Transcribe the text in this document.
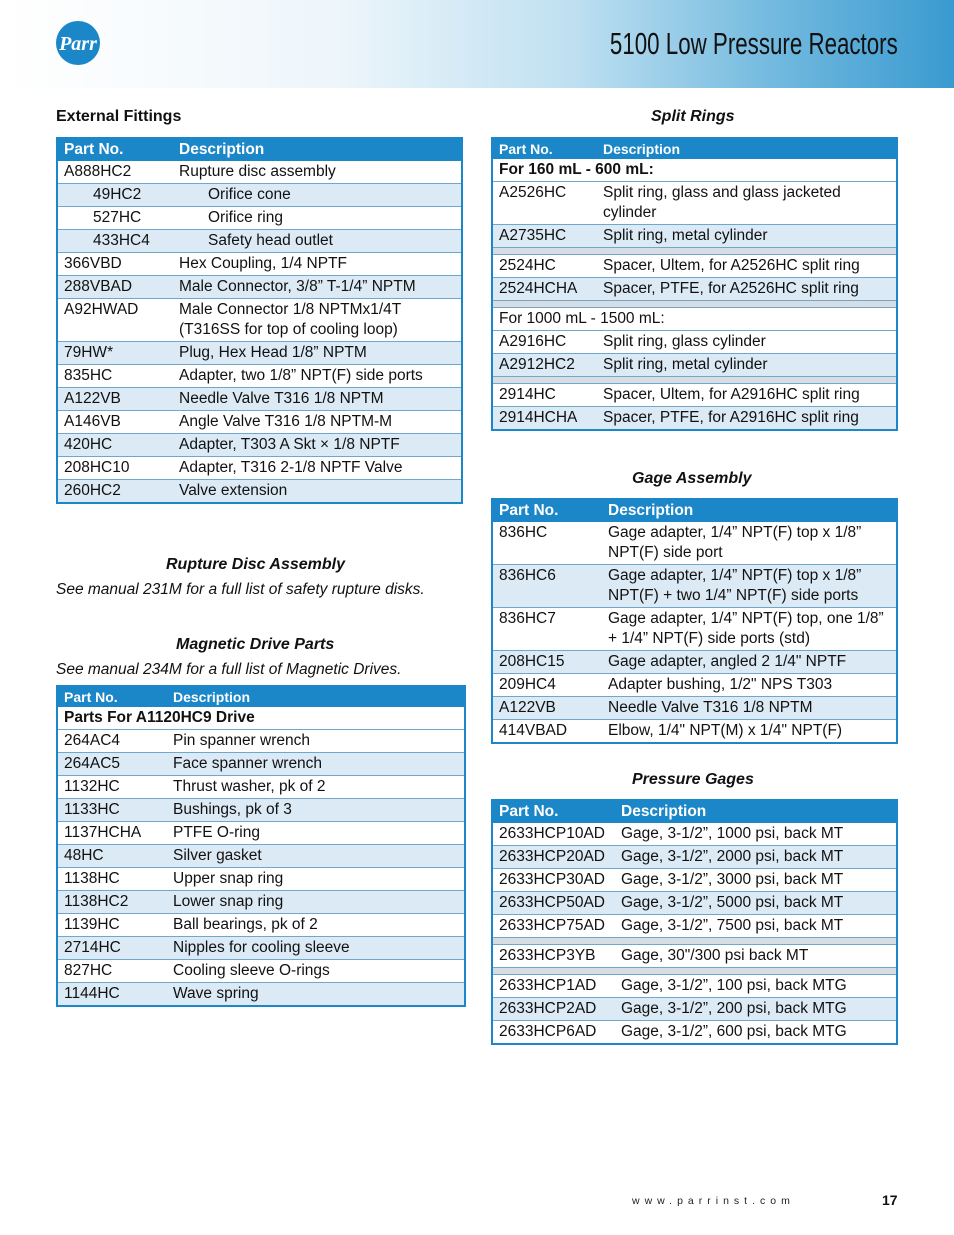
Parr	5100 Low Pressure Reactors
External Fittings
Part No.	Description
A888HC2	Rupture disc assembly
49HC2	Orifice cone
527HC	Orifice ring
433HC4	Safety head outlet
366VBD	Hex Coupling, 1/4 NPTF
288VBAD	Male Connector, 3/8” T-1/4” NPTM
A92HWAD	Male Connector 1/8 NPTMx1/4T (T316SS for top of cooling loop)
79HW*	Plug, Hex Head 1/8” NPTM
835HC	Adapter, two 1/8” NPT(F) side ports
A122VB	Needle Valve T316 1/8 NPTM
A146VB	Angle Valve T316 1/8 NPTM-M
420HC	Adapter, T303 A Skt × 1/8 NPTF
208HC10	Adapter, T316 2-1/8 NPTF Valve
260HC2	Valve extension
Rupture Disc Assembly
See manual 231M for a full list of safety rupture disks.
Magnetic Drive Parts
See manual 234M for a full list of Magnetic Drives.
Part No.	Description
Parts For A1120HC9 Drive	
264AC4	Pin spanner wrench
264AC5	Face spanner wrench
1132HC	Thrust washer, pk of 2
1133HC	Bushings, pk of 3
1137HCHA	PTFE O-ring
48HC	Silver gasket
1138HC	Upper snap ring
1138HC2	Lower snap ring
1139HC	Ball bearings, pk of 2
2714HC	Nipples for cooling sleeve
827HC	Cooling sleeve O-rings
1144HC	Wave spring
Split Rings
Part No.	Description
For 160 mL - 600 mL:	
A2526HC	Split ring, glass and glass jacketed cylinder
A2735HC	Split ring, metal cylinder

2524HC	Spacer, Ultem, for A2526HC split ring
2524HCHA	Spacer, PTFE, for A2526HC split ring

For 1000 mL - 1500 mL:	
A2916HC	Split ring, glass cylinder
A2912HC2	Split ring, metal cylinder

2914HC	Spacer, Ultem, for A2916HC split ring
2914HCHA	Spacer, PTFE, for A2916HC split ring
Gage Assembly
Part No.	Description
836HC	Gage adapter, 1/4” NPT(F) top x 1/8” NPT(F) side port
836HC6	Gage adapter, 1/4” NPT(F) top x 1/8” NPT(F) + two 1/4” NPT(F) side ports
836HC7	Gage adapter, 1/4” NPT(F) top, one 1/8” + 1/4” NPT(F) side ports (std)
208HC15	Gage adapter, angled 2 1/4" NPTF
209HC4	Adapter bushing, 1/2" NPS T303
A122VB	Needle Valve T316 1/8 NPTM
414VBAD	Elbow, 1/4" NPT(M) x 1/4" NPT(F)
Pressure Gages
Part No.	Description
2633HCP10AD	Gage, 3-1/2”, 1000 psi, back MT
2633HCP20AD	Gage, 3-1/2”, 2000 psi, back MT
2633HCP30AD	Gage, 3-1/2”, 3000 psi, back MT
2633HCP50AD	Gage, 3-1/2”, 5000 psi, back MT
2633HCP75AD	Gage, 3-1/2”, 7500 psi, back MT

2633HCP3YB	Gage, 30"/300 psi back MT

2633HCP1AD	Gage, 3-1/2”, 100 psi, back MTG
2633HCP2AD	Gage, 3-1/2”, 200 psi, back MTG
2633HCP6AD	Gage, 3-1/2”, 600 psi, back MTG
www.parrinst.com	17
